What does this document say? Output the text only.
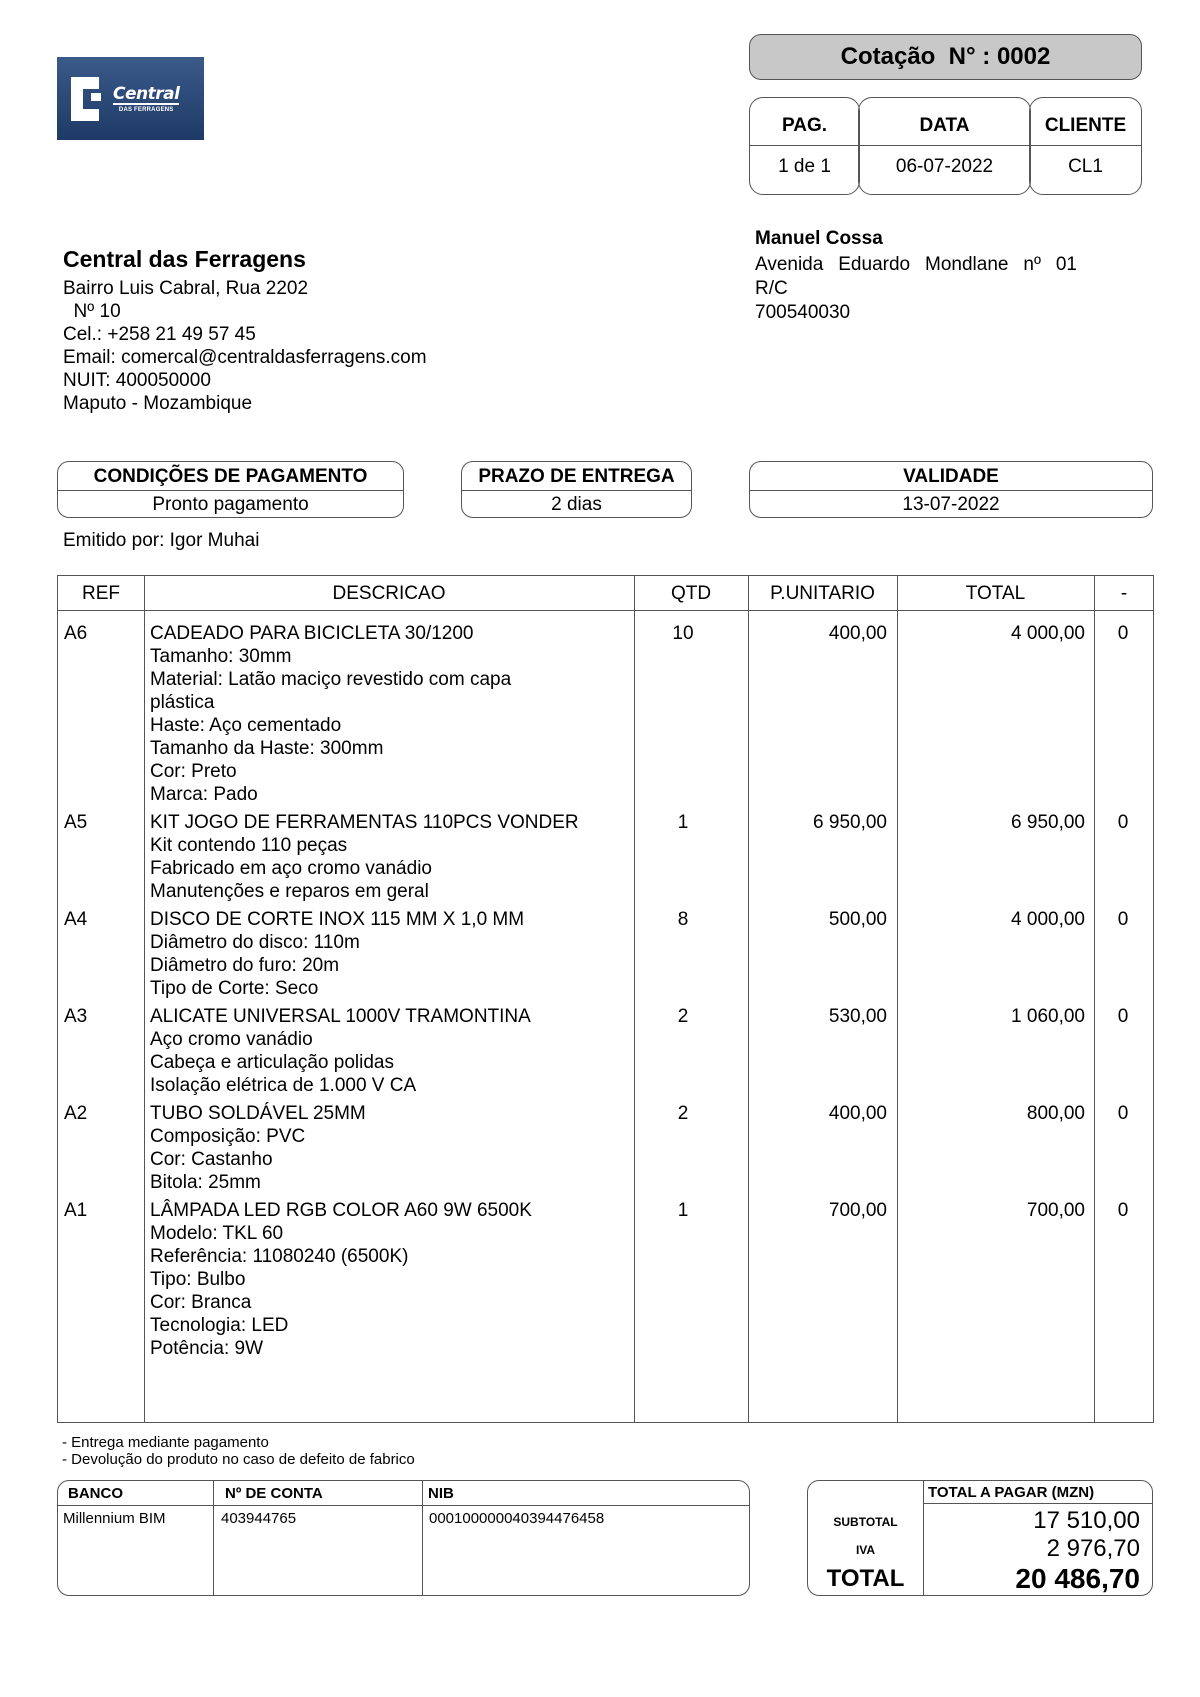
Central
DAS FERRAGENS
Cotação  N° : 0002
PAG.
1 de 1
DATA
06-07-2022
CLIENTE
CL1
Central das Ferragens
Bairro Luis Cabral, Rua 2202
Nº 10
Cel.: +258 21 49 57 45
Email: comercal@centraldasferragens.com
NUIT: 400050000
Maputo - Mozambique
Manuel Cossa
Avenida Eduardo Mondlane nº 01
R/C
700540030
CONDIÇÕES DE PAGAMENTO
Pronto pagamento
PRAZO DE ENTREGA
2 dias
VALIDADE
13-07-2022
Emitido por: Igor Muhai
REF	DESCRICAO	QTD	P.UNITARIO	TOTAL	-
A6	CADEADO PARA BICICLETA 30/1200
Tamanho: 30mm
Material: Latão maciço revestido com capa
plástica
Haste: Aço cementado
Tamanho da Haste: 300mm
Cor: Preto
Marca: Pado
10	400,00	4 000,00	0
A5	KIT JOGO DE FERRAMENTAS 110PCS VONDER
Kit contendo 110 peças
Fabricado em aço cromo vanádio
Manutenções e reparos em geral
1	6 950,00	6 950,00	0
A4	DISCO DE CORTE INOX 115 MM X 1,0 MM
Diâmetro do disco: 110m
Diâmetro do furo: 20m
Tipo de Corte: Seco
8	500,00	4 000,00	0
A3	ALICATE UNIVERSAL 1000V TRAMONTINA
Aço cromo vanádio
Cabeça e articulação polidas
Isolação elétrica de 1.000 V CA
2	530,00	1 060,00	0
A2	TUBO SOLDÁVEL 25MM
Composição: PVC
Cor: Castanho
Bitola: 25mm
2	400,00	800,00	0
A1	LÂMPADA LED RGB COLOR A60 9W 6500K
Modelo: TKL 60
Referência: 11080240 (6500K)
Tipo: Bulbo
Cor: Branca
Tecnologia: LED
Potência: 9W
1	700,00	700,00	0
- Entrega mediante pagamento
- Devolução do produto no caso de defeito de fabrico
BANCO	Nº DE CONTA	NIB
Millennium BIM	403944765	000100000040394476458
TOTAL A PAGAR (MZN)
SUBTOTAL	17 510,00
IVA	2 976,70
TOTAL	20 486,70
